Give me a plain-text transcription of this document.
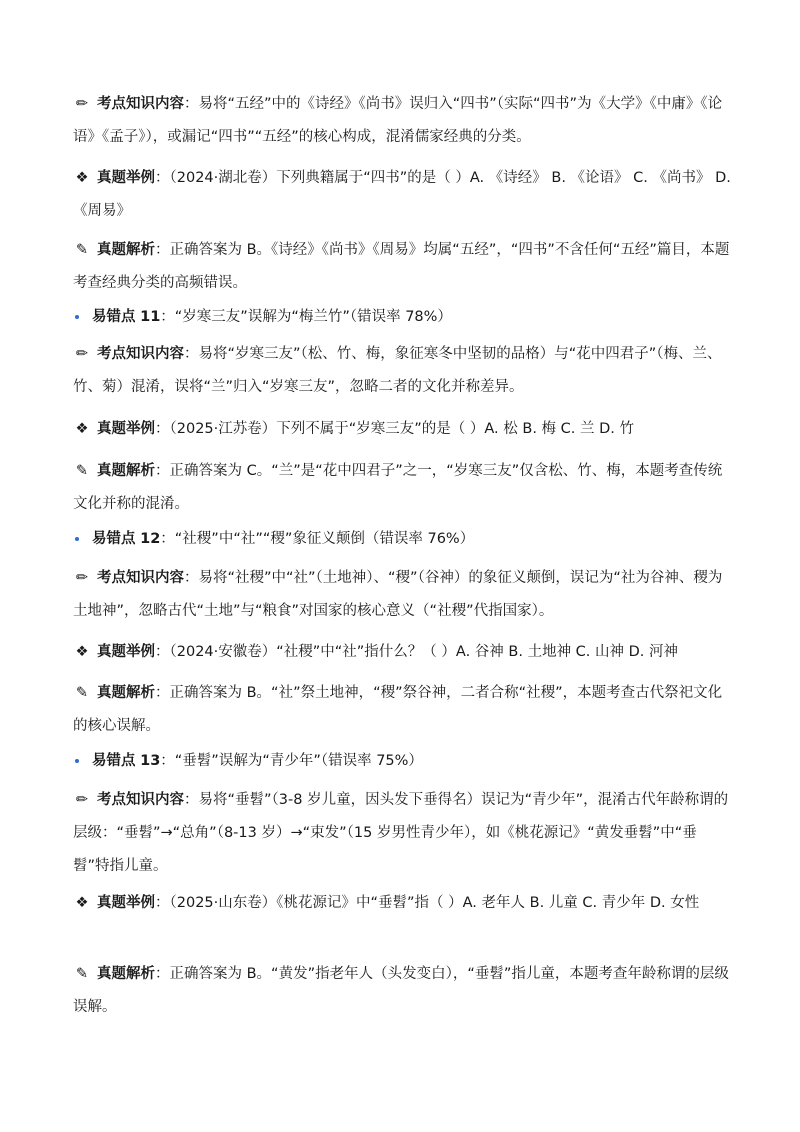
✏ 考点知识内容：易将“五经”中的《诗经》《尚书》误归入“四书”（实际“四书”为《大学》《中庸》《论语》《孟子》），或漏记“四书”“五经”的核心构成，混淆儒家经典的分类。
❖ 真题举例：（2024·湖北卷）下列典籍属于“四书”的是（ ）A. 《诗经》 B. 《论语》 C. 《尚书》 D. 《周易》
✎ 真题解析：正确答案为 B。《诗经》《尚书》《周易》均属“五经”，“四书”不含任何“五经”篇目，本题考查经典分类的高频错误。
易错点 11：“岁寒三友”误解为“梅兰竹”（错误率 78%）
✏ 考点知识内容：易将“岁寒三友”（松、竹、梅，象征寒冬中坚韧的品格）与“花中四君子”（梅、兰、竹、菊）混淆，误将“兰”归入“岁寒三友”，忽略二者的文化并称差异。
❖ 真题举例：（2025·江苏卷）下列不属于“岁寒三友”的是（ ）A. 松 B. 梅 C. 兰 D. 竹
✎ 真题解析：正确答案为 C。“兰”是“花中四君子”之一，“岁寒三友”仅含松、竹、梅，本题考查传统文化并称的混淆。
易错点 12：“社稷”中“社”“稷”象征义颠倒（错误率 76%）
✏ 考点知识内容：易将“社稷”中“社”（土地神）、“稷”（谷神）的象征义颠倒，误记为“社为谷神、稷为土地神”，忽略古代“土地”与“粮食”对国家的核心意义（“社稷”代指国家）。
❖ 真题举例：（2024·安徽卷）“社稷”中“社”指什么？（ ）A. 谷神 B. 土地神 C. 山神 D. 河神
✎ 真题解析：正确答案为 B。“社”祭土地神，“稷”祭谷神，二者合称“社稷”，本题考查古代祭祀文化的核心误解。
易错点 13：“垂髫”误解为“青少年”（错误率 75%）
✏ 考点知识内容：易将“垂髫”（3-8 岁儿童，因头发下垂得名）误记为“青少年”，混淆古代年龄称谓的层级：“垂髫”→“总角”（8-13 岁）→“束发”（15 岁男性青少年），如《桃花源记》“黄发垂髫”中“垂髫”特指儿童。
❖ 真题举例：（2025·山东卷）《桃花源记》中“垂髫”指（ ）A. 老年人 B. 儿童 C. 青少年 D. 女性
✎ 真题解析：正确答案为 B。“黄发”指老年人（头发变白），“垂髫”指儿童，本题考查年龄称谓的层级误解。
